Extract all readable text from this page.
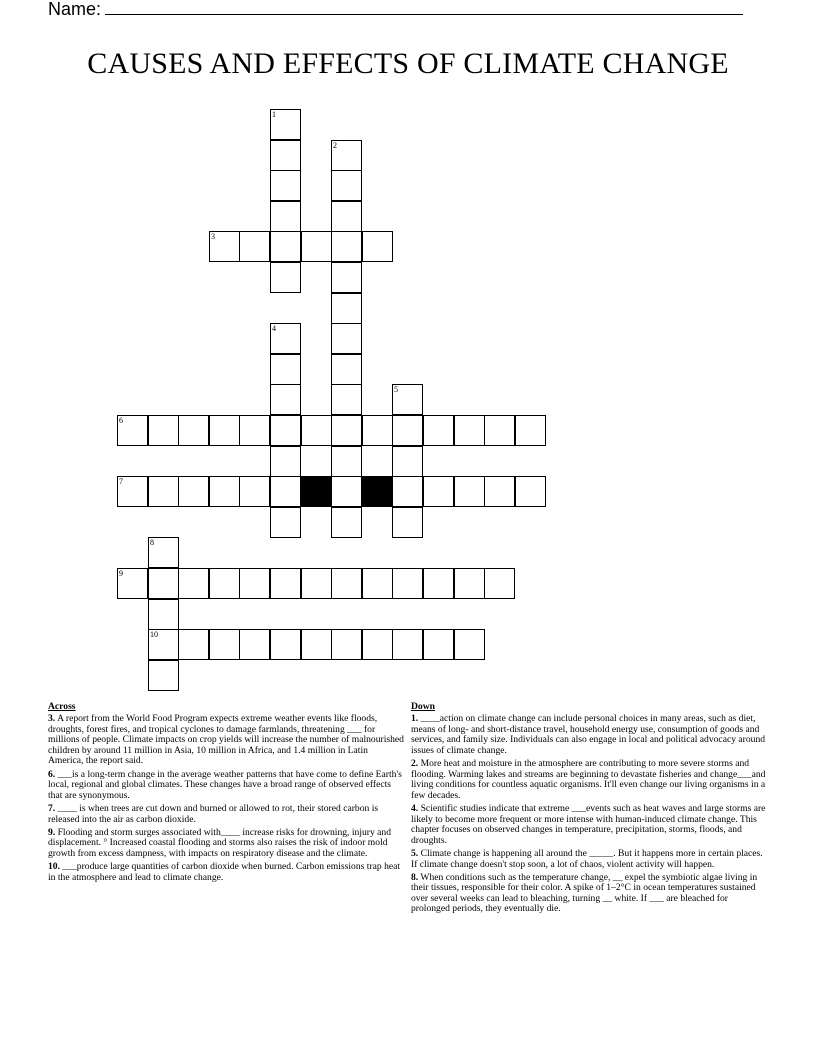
Name:
CAUSES AND EFFECTS OF CLIMATE CHANGE
1
2
3
4
5
6
7
8
10
9
Across
3. A report from the World Food Program expects extreme weather events like floods, droughts, forest fires, and tropical cyclones to damage farmlands, threatening ___ for millions of people. Climate impacts on crop yields will increase the number of malnourished children by around 11 million in Asia, 10 million in Africa, and 1.4 million in Latin America, the report said.
6. ___is a long-term change in the average weather patterns that have come to define Earth's local, regional and global climates. These changes have a broad range of observed effects that are synonymous.
7. ____ is when trees are cut down and burned or allowed to rot, their stored carbon is released into the air as carbon dioxide.
9. Flooding and storm surges associated with____ increase risks for drowning, injury and displacement. ° Increased coastal flooding and storms also raises the risk of indoor mold growth from excess dampness, with impacts on respiratory disease and the climate.
10. ___produce large quantities of carbon dioxide when burned. Carbon emissions trap heat in the atmosphere and lead to climate change.
Down
1. ____action on climate change can include personal choices in many areas, such as diet, means of long- and short-distance travel, household energy use, consumption of goods and services, and family size. Individuals can also engage in local and political advocacy around issues of climate change.
2. More heat and moisture in the atmosphere are contributing to more severe storms and flooding. Warming lakes and streams are beginning to devastate fisheries and change___and living conditions for countless aquatic organisms. It'll even change our living organisms in a few decades.
4. Scientific studies indicate that extreme ___events such as heat waves and large storms are likely to become more frequent or more intense with human-induced climate change. This chapter focuses on observed changes in temperature, precipitation, storms, floods, and droughts.
5. Climate change is happening all around the _____. But it happens more in certain places. If climate change doesn't stop soon, a lot of chaos, violent activity will happen.
8. When conditions such as the temperature change, __ expel the symbiotic algae living in their tissues, responsible for their color. A spike of 1–2°C in ocean temperatures sustained over several weeks can lead to bleaching, turning __ white. If ___ are bleached for prolonged periods, they eventually die.
